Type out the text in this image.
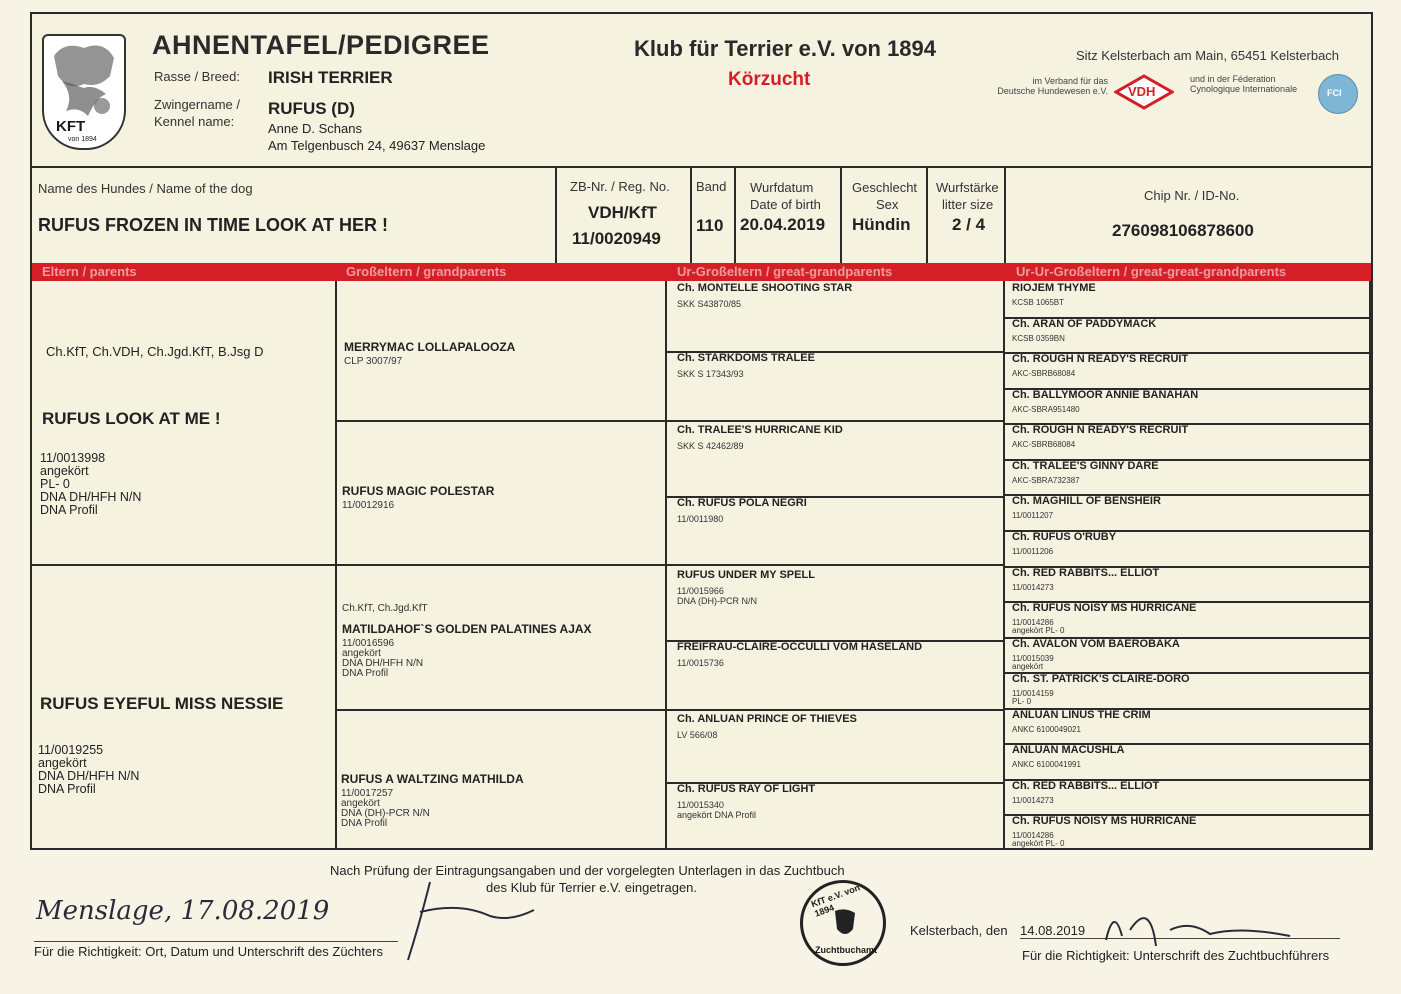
KFT
von 1894
AHNENTAFEL/PEDIGREE
Rasse / Breed: IRISH TERRIER
Zwingername /
Kennel name:
RUFUS (D)
Anne D. Schans
Am Telgenbusch 24, 49637 Menslage
Klub für Terrier e.V. von 1894
Körzucht
Sitz Kelsterbach am Main, 65451 Kelsterbach
im Verband für das
Deutsche Hundewesen e.V. VDH
und in der Féderation
Cynologique Internationale	FCI
Name des Hundes / Name of the dog
RUFUS FROZEN IN TIME LOOK AT HER !
ZB-Nr. / Reg. No.
VDH/KfT
11/0020949
Band
110
Wurfdatum
Date of birth
20.04.2019
Geschlecht
Sex
Hündin
Wurfstärke
litter size
2 / 4
Chip Nr. / ID-No.
276098106878600
Eltern / parents	Großeltern / grandparents	Ur-Großeltern / great-grandparents	Ur-Ur-Großeltern / great-great-grandparents
Ch.KfT, Ch.VDH, Ch.Jgd.KfT, B.Jsg D
RUFUS LOOK AT ME !
11/0013998
angekört
PL- 0
DNA DH/HFH N/N
DNA Profil
RUFUS EYEFUL MISS NESSIE
11/0019255
angekört
DNA DH/HFH N/N
DNA Profil
MERRYMAC LOLLAPALOOZA
CLP 3007/97
RUFUS MAGIC POLESTAR
11/0012916
Ch.KfT, Ch.Jgd.KfT
MATILDAHOF`S GOLDEN PALATINES AJAX
11/0016596
angekört
DNA DH/HFH N/N
DNA Profil
RUFUS A WALTZING MATHILDA
11/0017257
angekört
DNA (DH)-PCR N/N
DNA Profil
Ch. MONTELLE SHOOTING STAR
SKK S43870/85
Ch. STARKDOMS TRALEE
SKK S 17343/93
Ch. TRALEE'S HURRICANE KID
SKK S 42462/89
Ch. RUFUS POLA NEGRI
11/0011980
RUFUS UNDER MY SPELL
11/0015966
DNA (DH)-PCR N/N
FREIFRAU-CLAIRE-OCCULLI VOM HASELAND
11/0015736
Ch. ANLUAN PRINCE OF THIEVES
LV 566/08
Ch. RUFUS RAY OF LIGHT
11/0015340
angekört DNA Profil
RIOJEM THYME
KCSB 1065BT
Ch. ARAN OF PADDYMACK
KCSB 0359BN
Ch. ROUGH N READY'S RECRUIT
AKC-SBRB68084
Ch. BALLYMOOR ANNIE BANAHAN
AKC-SBRA951480
Ch. ROUGH N READY'S RECRUIT
AKC-SBRB68084
Ch. TRALEE'S GINNY DARE
AKC-SBRA732387
Ch. MAGHILL OF BENSHEIR
11/0011207
Ch. RUFUS O'RUBY
11/0011206
Ch. RED RABBITS... ELLIOT
11/0014273
Ch. RUFUS NOISY MS HURRICANE
11/0014286
angekört PL- 0
Ch. AVALON VOM BAEROBAKA
11/0015039
angekört
Ch. ST. PATRICK'S CLAIRE-DORO
11/0014159
PL- 0
ANLUAN LINUS THE CRIM
ANKC 6100049021
ANLUAN MACUSHLA
ANKC 6100041991
Ch. RED RABBITS... ELLIOT
11/0014273
Ch. RUFUS NOISY MS HURRICANE
11/0014286
angekört PL- 0
Nach Prüfung der Eintragungsangaben und der vorgelegten Unterlagen in das Zuchtbuch
des Klub für Terrier e.V. eingetragen.
Menslage, 17.08.2019
Für die Richtigkeit: Ort, Datum und Unterschrift des Züchters
KfT e.V. von 1894
Zuchtbuchamt
Kelsterbach, den 14.08.2019
Für die Richtigkeit: Unterschrift des Zuchtbuchführers
